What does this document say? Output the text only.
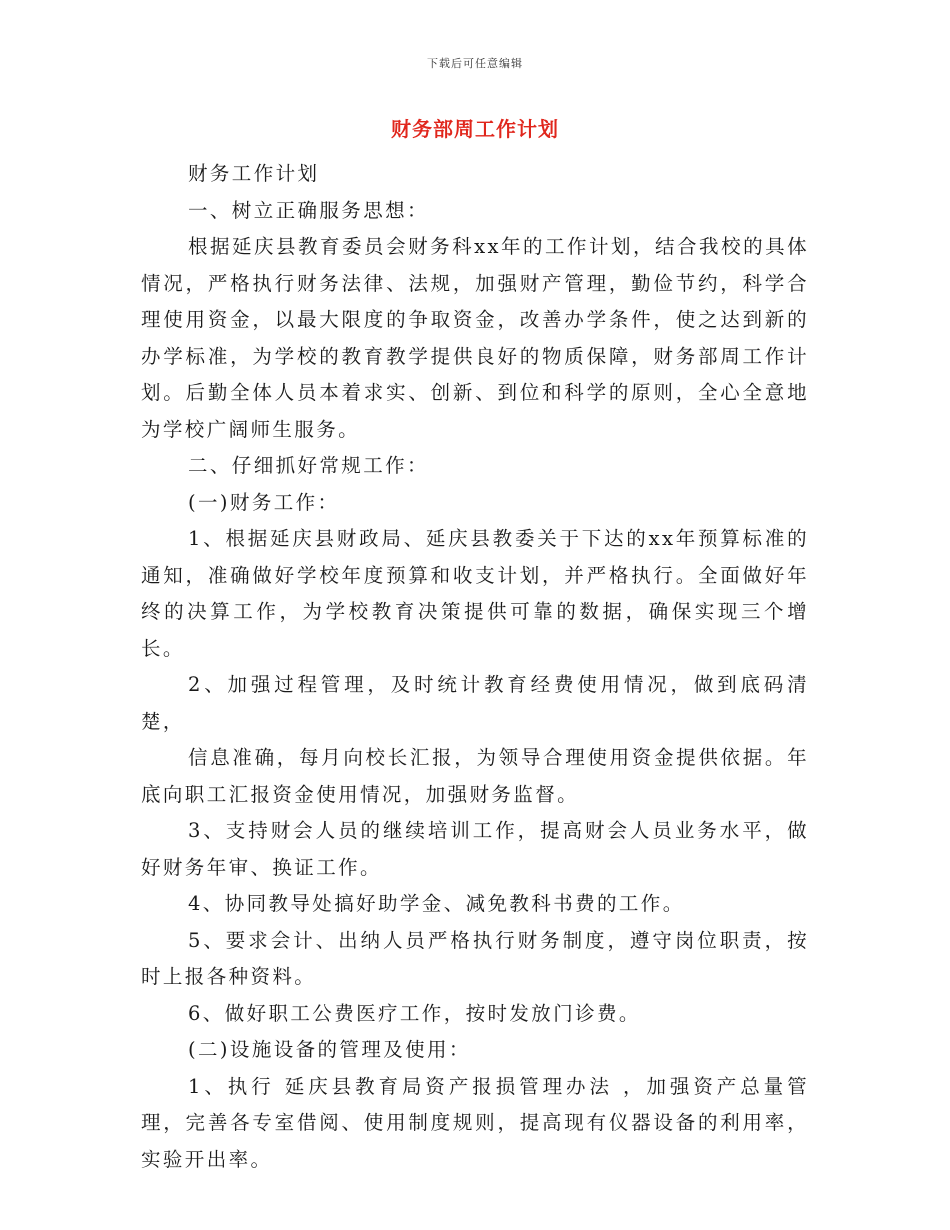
下载后可任意编辑
财务部周工作计划

财务工作计划

一、树立正确服务思想：

根据延庆县教育委员会财务科xx年的工作计划，结合我校的具体情况，严格执行财务法律、法规，加强财产管理，勤俭节约，科学合理使用资金，以最大限度的争取资金，改善办学条件，使之达到新的办学标准，为学校的教育教学提供良好的物质保障，财务部周工作计划。后勤全体人员本着求实、创新、到位和科学的原则，全心全意地为学校广阔师生服务。

二、仔细抓好常规工作：

(一)财务工作：

1、根据延庆县财政局、延庆县教委关于下达的xx年预算标准的通知，准确做好学校年度预算和收支计划，并严格执行。全面做好年终的决算工作，为学校教育决策提供可靠的数据，确保实现三个增长。

2、加强过程管理，及时统计教育经费使用情况，做到底码清楚，

信息准确，每月向校长汇报，为领导合理使用资金提供依据。年底向职工汇报资金使用情况，加强财务监督。

3、支持财会人员的继续培训工作，提高财会人员业务水平，做好财务年审、换证工作。

4、协同教导处搞好助学金、减免教科书费的工作。

5、要求会计、出纳人员严格执行财务制度，遵守岗位职责，按时上报各种资料。

6、做好职工公费医疗工作，按时发放门诊费。

(二)设施设备的管理及使用：

1、执行 延庆县教育局资产报损管理办法 ，加强资产总量管理，完善各专室借阅、使用制度规则，提高现有仪器设备的利用率，实验开出率。
